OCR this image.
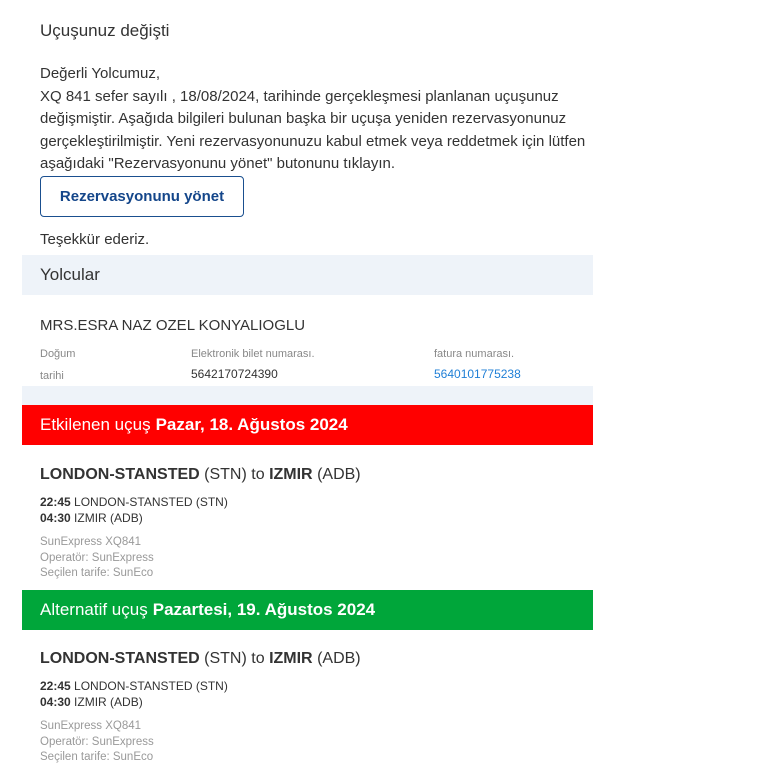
Uçuşunuz değişti
Değerli Yolcumuz,
XQ 841 sefer sayılı , 18/08/2024, tarihinde gerçekleşmesi planlanan uçuşunuz değişmiştir. Aşağıda bilgileri bulunan başka bir uçuşa yeniden rezervasyonunuz gerçekleştirilmiştir. Yeni rezervasyonunuzu kabul etmek veya reddetmek için lütfen aşağıdaki "Rezervasyonunu yönet" butonunu tıklayın.
Rezervasyonunu yönet
Teşekkür ederiz.
Yolcular
MRS.ESRA NAZ OZEL KONYALIOGLU
Doğum
tarihi
Elektronik bilet numarası.
5642170724390
fatura numarası.
5640101775238
Etkilenen uçuş Pazar, 18. Ağustos 2024
LONDON-STANSTED (STN) to IZMIR (ADB)
22:45 LONDON-STANSTED (STN)
04:30 IZMIR (ADB)
SunExpress XQ841
Operatör: SunExpress
Seçilen tarife: SunEco
Alternatif uçuş Pazartesi, 19. Ağustos 2024
LONDON-STANSTED (STN) to IZMIR (ADB)
22:45 LONDON-STANSTED (STN)
04:30 IZMIR (ADB)
SunExpress XQ841
Operatör: SunExpress
Seçilen tarife: SunEco
